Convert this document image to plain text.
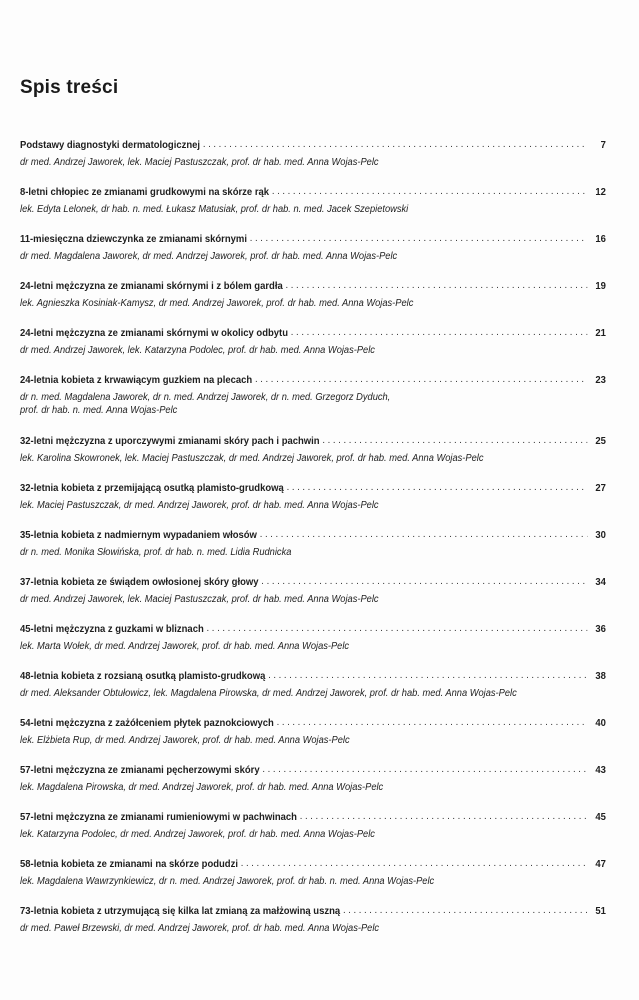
Spis treści
Podstawy diagnostyki dermatologicznej . . .	7
dr med. Andrzej Jaworek, lek. Maciej Pastuszczak, prof. dr hab. med. Anna Wojas-Pelc
8-letni chłopiec ze zmianami grudkowymi na skórze rąk . . .	12
lek. Edyta Lelonek, dr hab. n. med. Łukasz Matusiak, prof. dr hab. n. med. Jacek Szepietowski
11-miesięczna dziewczynka ze zmianami skórnymi . . .	16
dr med. Magdalena Jaworek, dr med. Andrzej Jaworek, prof. dr hab. med. Anna Wojas-Pelc
24-letni mężczyzna ze zmianami skórnymi i z bólem gardła . . .	19
lek. Agnieszka Kosiniak-Kamysz, dr med. Andrzej Jaworek, prof. dr hab. med. Anna Wojas-Pelc
24-letni mężczyzna ze zmianami skórnymi w okolicy odbytu . . .	21
dr med. Andrzej Jaworek, lek. Katarzyna Podolec, prof. dr hab. med. Anna Wojas-Pelc
24-letnia kobieta z krwawiącym guzkiem na plecach . . .	23
dr n. med. Magdalena Jaworek, dr n. med. Andrzej Jaworek, dr n. med. Grzegorz Dyduch,
prof. dr hab. n. med. Anna Wojas-Pelc
32-letni mężczyzna z uporczywymi zmianami skóry pach i pachwin . . .	25
lek. Karolina Skowronek, lek. Maciej Pastuszczak, dr med. Andrzej Jaworek, prof. dr hab. med. Anna Wojas-Pelc
32-letnia kobieta z przemijającą osutką plamisto-grudkową . . .	27
lek. Maciej Pastuszczak, dr med. Andrzej Jaworek, prof. dr hab. med. Anna Wojas-Pelc
35-letnia kobieta z nadmiernym wypadaniem włosów . . .	30
dr n. med. Monika Słowińska, prof. dr hab. n. med. Lidia Rudnicka
37-letnia kobieta ze świądem owłosionej skóry głowy . . .	34
dr med. Andrzej Jaworek, lek. Maciej Pastuszczak, prof. dr hab. med. Anna Wojas-Pelc
45-letni mężczyzna z guzkami w bliznach . . .	36
lek. Marta Wołek, dr med. Andrzej Jaworek, prof. dr hab. med. Anna Wojas-Pelc
48-letnia kobieta z rozsianą osutką plamisto-grudkową . . .	38
dr med. Aleksander Obtułowicz, lek. Magdalena Pirowska, dr med. Andrzej Jaworek, prof. dr hab. med. Anna Wojas-Pelc
54-letni mężczyzna z zażółceniem płytek paznokciowych . . .	40
lek. Elżbieta Rup, dr med. Andrzej Jaworek, prof. dr hab. med. Anna Wojas-Pelc
57-letni mężczyzna ze zmianami pęcherzowymi skóry . . .	43
lek. Magdalena Pirowska, dr med. Andrzej Jaworek, prof. dr hab. med. Anna Wojas-Pelc
57-letni mężczyzna ze zmianami rumieniowymi w pachwinach . . .	45
lek. Katarzyna Podolec, dr med. Andrzej Jaworek, prof. dr hab. med. Anna Wojas-Pelc
58-letnia kobieta ze zmianami na skórze podudzi . . .	47
lek. Magdalena Wawrzynkiewicz, dr n. med. Andrzej Jaworek, prof. dr hab. n. med. Anna Wojas-Pelc
73-letnia kobieta z utrzymującą się kilka lat zmianą za małżowiną uszną . . .	51
dr med. Paweł Brzewski, dr med. Andrzej Jaworek, prof. dr hab. med. Anna Wojas-Pelc
